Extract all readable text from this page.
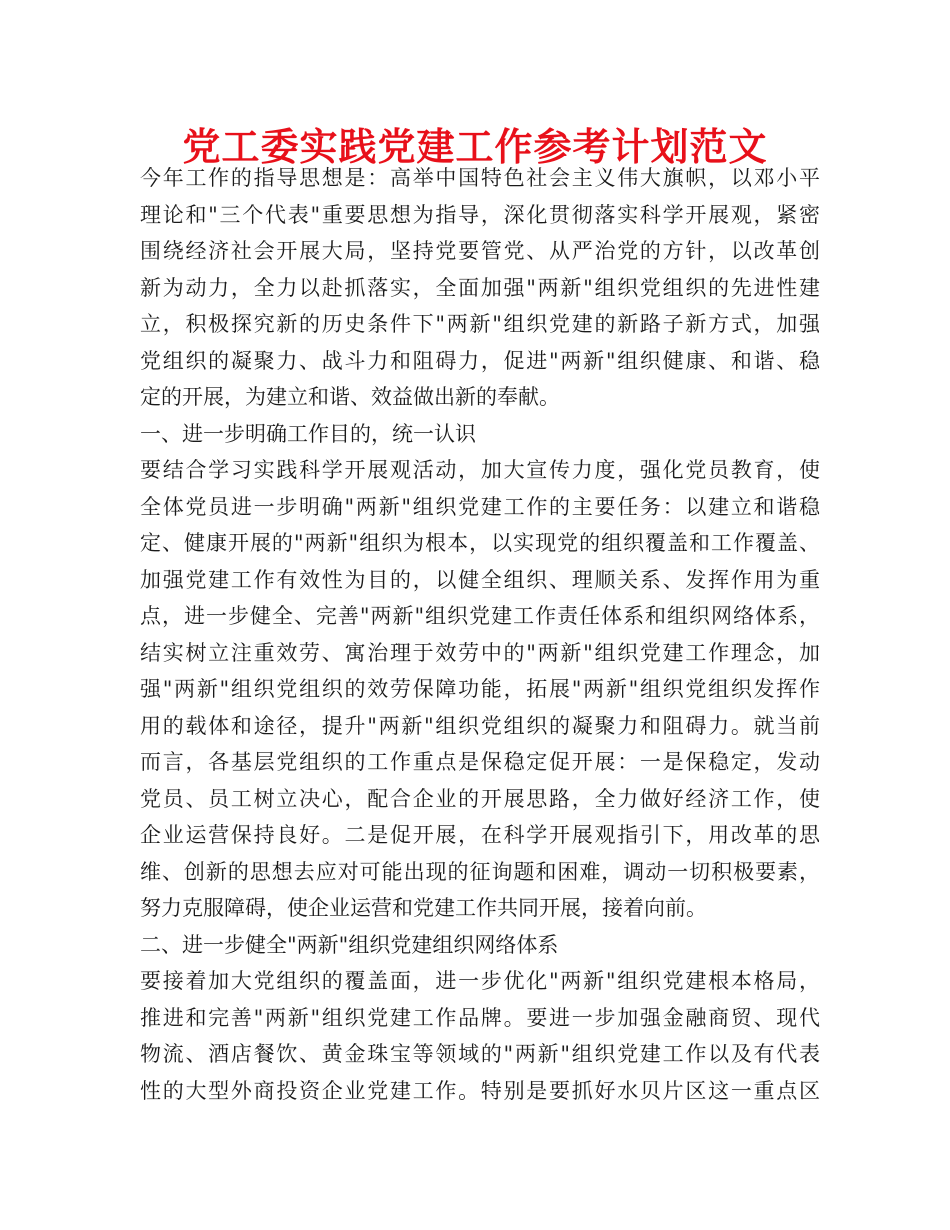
党工委实践党建工作参考计划范文
今年工作的指导思想是：高举中国特色社会主义伟大旗帜，以邓小平
理论和"三个代表"重要思想为指导，深化贯彻落实科学开展观，紧密
围绕经济社会开展大局，坚持党要管党、从严治党的方针，以改革创
新为动力，全力以赴抓落实，全面加强"两新"组织党组织的先进性建
立，积极探究新的历史条件下"两新"组织党建的新路子新方式，加强
党组织的凝聚力、战斗力和阻碍力，促进"两新"组织健康、和谐、稳
定的开展，为建立和谐、效益做出新的奉献。
一、进一步明确工作目的，统一认识
要结合学习实践科学开展观活动，加大宣传力度，强化党员教育，使
全体党员进一步明确"两新"组织党建工作的主要任务：以建立和谐稳
定、健康开展的"两新"组织为根本，以实现党的组织覆盖和工作覆盖、
加强党建工作有效性为目的，以健全组织、理顺关系、发挥作用为重
点，进一步健全、完善"两新"组织党建工作责任体系和组织网络体系，
结实树立注重效劳、寓治理于效劳中的"两新"组织党建工作理念，加
强"两新"组织党组织的效劳保障功能，拓展"两新"组织党组织发挥作
用的载体和途径，提升"两新"组织党组织的凝聚力和阻碍力。就当前
而言，各基层党组织的工作重点是保稳定促开展：一是保稳定，发动
党员、员工树立决心，配合企业的开展思路，全力做好经济工作，使
企业运营保持良好。二是促开展，在科学开展观指引下，用改革的思
维、创新的思想去应对可能出现的征询题和困难，调动一切积极要素，
努力克服障碍，使企业运营和党建工作共同开展，接着向前。
二、进一步健全"两新"组织党建组织网络体系
要接着加大党组织的覆盖面，进一步优化"两新"组织党建根本格局，
推进和完善"两新"组织党建工作品牌。要进一步加强金融商贸、现代
物流、酒店餐饮、黄金珠宝等领域的"两新"组织党建工作以及有代表
性的大型外商投资企业党建工作。特别是要抓好水贝片区这一重点区
